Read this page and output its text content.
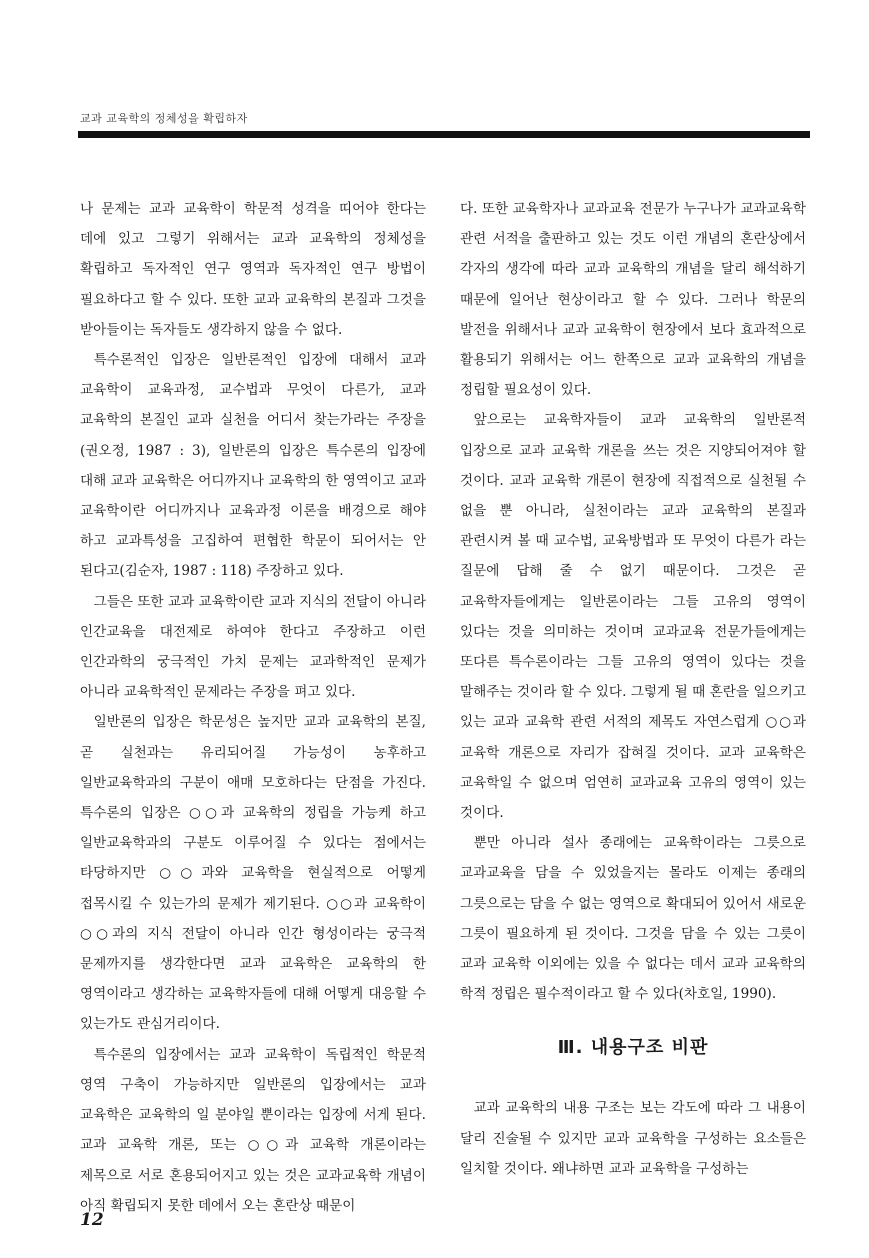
교과 교육학의 정체성을 확립하자

나 문제는 교과 교육학이 학문적 성격을 띠어야 한다는 데에 있고 그렇기 위해서는 교과 교육학의 정체성을 확립하고 독자적인 연구 영역과 독자적인 연구 방법이 필요하다고 할 수 있다. 또한 교과 교육학의 본질과 그것을 받아들이는 독자들도 생각하지 않을 수 없다.

특수론적인 입장은 일반론적인 입장에 대해서 교과 교육학이 교육과정, 교수법과 무엇이 다른가, 교과 교육학의 본질인 교과 실천을 어디서 찾는가라는 주장을 (권오정, 1987 : 3), 일반론의 입장은 특수론의 입장에 대해 교과 교육학은 어디까지나 교육학의 한 영역이고 교과 교육학이란 어디까지나 교육과정 이론을 배경으로 해야 하고 교과특성을 고집하여 편협한 학문이 되어서는 안 된다고(김순자, 1987 : 118) 주장하고 있다.

그들은 또한 교과 교육학이란 교과 지식의 전달이 아니라 인간교육을 대전제로 하여야 한다고 주장하고 이런 인간과학의 궁극적인 가치 문제는 교과학적인 문제가 아니라 교육학적인 문제라는 주장을 펴고 있다.

일반론의 입장은 학문성은 높지만 교과 교육학의 본질, 곧 실천과는 유리되어질 가능성이 농후하고 일반교육학과의 구분이 애매 모호하다는 단점을 가진다. 특수론의 입장은 ○○과 교육학의 정립을 가능케 하고 일반교육학과의 구분도 이루어질 수 있다는 점에서는 타당하지만 ○○과와 교육학을 현실적으로 어떻게 접목시킬 수 있는가의 문제가 제기된다. ○○과 교육학이 ○○과의 지식 전달이 아니라 인간 형성이라는 궁극적 문제까지를 생각한다면 교과 교육학은 교육학의 한 영역이라고 생각하는 교육학자들에 대해 어떻게 대응할 수 있는가도 관심거리이다.

특수론의 입장에서는 교과 교육학이 독립적인 학문적 영역 구축이 가능하지만 일반론의 입장에서는 교과 교육학은 교육학의 일 분야일 뿐이라는 입장에 서게 된다. 교과 교육학 개론, 또는 ○○과 교육학 개론이라는 제목으로 서로 혼용되어지고 있는 것은 교과교육학 개념이 아직 확립되지 못한 데에서 오는 혼란상 때문이

다. 또한 교육학자나 교과교육 전문가 누구나가 교과교육학 관련 서적을 출판하고 있는 것도 이런 개념의 혼란상에서 각자의 생각에 따라 교과 교육학의 개념을 달리 해석하기 때문에 일어난 현상이라고 할 수 있다. 그러나 학문의 발전을 위해서나 교과 교육학이 현장에서 보다 효과적으로 활용되기 위해서는 어느 한쪽으로 교과 교육학의 개념을 정립할 필요성이 있다.

앞으로는 교육학자들이 교과 교육학의 일반론적 입장으로 교과 교육학 개론을 쓰는 것은 지양되어져야 할 것이다. 교과 교육학 개론이 현장에 직접적으로 실천될 수 없을 뿐 아니라, 실천이라는 교과 교육학의 본질과 관련시켜 볼 때 교수법, 교육방법과 또 무엇이 다른가 라는 질문에 답해 줄 수 없기 때문이다. 그것은 곧 교육학자들에게는 일반론이라는 그들 고유의 영역이 있다는 것을 의미하는 것이며 교과교육 전문가들에게는 또다른 특수론이라는 그들 고유의 영역이 있다는 것을 말해주는 것이라 할 수 있다. 그렇게 될 때 혼란을 일으키고 있는 교과 교육학 관련 서적의 제목도 자연스럽게 ○○과 교육학 개론으로 자리가 잡혀질 것이다. 교과 교육학은 교육학일 수 없으며 엄연히 교과교육 고유의 영역이 있는 것이다.

뿐만 아니라 설사 종래에는 교육학이라는 그릇으로 교과교육을 담을 수 있었을지는 몰라도 이제는 종래의 그릇으로는 담을 수 없는 영역으로 확대되어 있어서 새로운 그릇이 필요하게 된 것이다. 그것을 담을 수 있는 그릇이 교과 교육학 이외에는 있을 수 없다는 데서 교과 교육학의 학적 정립은 필수적이라고 할 수 있다(차호일, 1990).

Ⅲ. 내용구조 비판

교과 교육학의 내용 구조는 보는 각도에 따라 그 내용이 달리 진술될 수 있지만 교과 교육학을 구성하는 요소들은 일치할 것이다. 왜냐하면 교과 교육학을 구성하는

12
